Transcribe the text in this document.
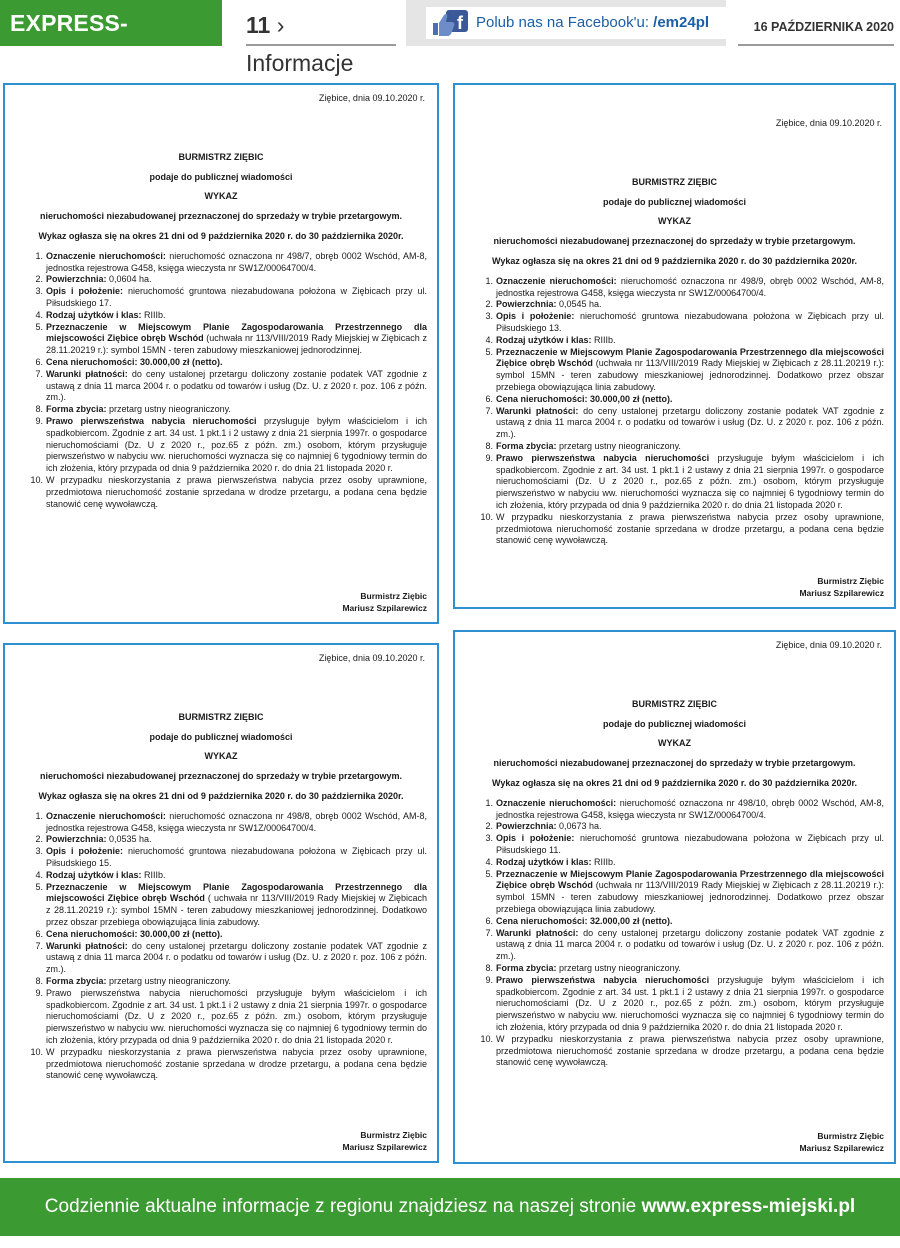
EXPRESS-MIEJSKI.PL
11 › Informacje
f Polub nas na Facebook'u: /em24pl	16 PAŹDZIERNIKA 2020
Ziębice, dnia 09.10.2020 r.
BURMISTRZ ZIĘBIC
podaje do publicznej wiadomości
WYKAZ
nieruchomości niezabudowanej przeznaczonej do sprzedaży w trybie przetargowym.
Wykaz ogłasza się na okres 21 dni od 9 października 2020 r. do 30 października 2020r.
1. Oznaczenie nieruchomości: nieruchomość oznaczona nr 498/7, obręb 0002 Wschód, AM-8, jednostka rejestrowa G458, księga wieczysta nr SW1Z/00064700/4.
2. Powierzchnia: 0,0604 ha.
3. Opis i położenie: nieruchomość gruntowa niezabudowana położona w Ziębicach przy ul. Piłsudskiego 17.
4. Rodzaj użytków i klas: RIIIb.
5. Przeznaczenie w Miejscowym Planie Zagospodarowania Przestrzennego dla miejscowości Ziębice obręb Wschód (uchwała nr 113/VIII/2019 Rady Miejskiej w Ziębicach z 28.11.20219 r.): symbol 15MN - teren zabudowy mieszkaniowej jednorodzinnej.
6. Cena nieruchomości: 30.000,00 zł (netto).
7. Warunki płatności: do ceny ustalonej przetargu doliczony zostanie podatek VAT zgodnie z ustawą z dnia 11 marca 2004 r. o podatku od towarów i usług (Dz. U. z 2020 r. poz. 106 z późn. zm.).
8. Forma zbycia: przetarg ustny nieograniczony.
9. Prawo pierwszeństwa nabycia nieruchomości przysługuje byłym właścicielom i ich spadkobiercom. Zgodnie z art. 34 ust. 1 pkt.1 i 2 ustawy z dnia 21 sierpnia 1997r. o gospodarce nieruchomościami (Dz. U z 2020 r., poz.65 z późn. zm.) osobom, którym przysługuje pierwszeństwo w nabyciu ww. nieruchomości wyznacza się co najmniej 6 tygodniowy termin do ich złożenia, który przypada od dnia 9 października 2020 r. do dnia 21 listopada 2020 r.
10. W przypadku nieskorzystania z prawa pierwszeństwa nabycia przez osoby uprawnione, przedmiotowa nieruchomość zostanie sprzedana w drodze przetargu, a podana cena będzie stanowić cenę wywoławczą.
Burmistrz Ziębic
Mariusz Szpilarewicz
Ziębice, dnia 09.10.2020 r.
BURMISTRZ ZIĘBIC
podaje do publicznej wiadomości
WYKAZ
nieruchomości niezabudowanej przeznaczonej do sprzedaży w trybie przetargowym.
Wykaz ogłasza się na okres 21 dni od 9 października 2020 r. do 30 października 2020r.
1. Oznaczenie nieruchomości: nieruchomość oznaczona nr 498/9, obręb 0002 Wschód, AM-8, jednostka rejestrowa G458, księga wieczysta nr SW1Z/00064700/4.
2. Powierzchnia: 0,0545 ha.
3. Opis i położenie: nieruchomość gruntowa niezabudowana położona w Ziębicach przy ul. Piłsudskiego 13.
4. Rodzaj użytków i klas: RIIIb.
5. Przeznaczenie w Miejscowym Planie Zagospodarowania Przestrzennego dla miejscowości Ziębice obręb Wschód (uchwała nr 113/VIII/2019 Rady Miejskiej w Ziębicach z 28.11.20219 r.): symbol 15MN - teren zabudowy mieszkaniowej jednorodzinnej. Dodatkowo przez obszar przebiega obowiązująca linia zabudowy.
6. Cena nieruchomości: 30.000,00 zł (netto).
7. Warunki płatności: do ceny ustalonej przetargu doliczony zostanie podatek VAT zgodnie z ustawą z dnia 11 marca 2004 r. o podatku od towarów i usług (Dz. U. z 2020 r. poz. 106 z późn. zm.).
8. Forma zbycia: przetarg ustny nieograniczony.
9. Prawo pierwszeństwa nabycia nieruchomości przysługuje byłym właścicielom i ich spadkobiercom. Zgodnie z art. 34 ust. 1 pkt.1 i 2 ustawy z dnia 21 sierpnia 1997r. o gospodarce nieruchomościami (Dz. U z 2020 r., poz.65 z późn. zm.) osobom, którym przysługuje pierwszeństwo w nabyciu ww. nieruchomości wyznacza się co najmniej 6 tygodniowy termin do ich złożenia, który przypada od dnia 9 października 2020 r. do dnia 21 listopada 2020 r.
10. W przypadku nieskorzystania z prawa pierwszeństwa nabycia przez osoby uprawnione, przedmiotowa nieruchomość zostanie sprzedana w drodze przetargu, a podana cena będzie stanowić cenę wywoławczą.
Burmistrz Ziębic
Mariusz Szpilarewicz
Ziębice, dnia 09.10.2020 r.
BURMISTRZ ZIĘBIC
podaje do publicznej wiadomości
WYKAZ
nieruchomości niezabudowanej przeznaczonej do sprzedaży w trybie przetargowym.
Wykaz ogłasza się na okres 21 dni od 9 października 2020 r. do 30 października 2020r.
1. Oznaczenie nieruchomości: nieruchomość oznaczona nr 498/8, obręb 0002 Wschód, AM-8, jednostka rejestrowa G458, księga wieczysta nr SW1Z/00064700/4.
2. Powierzchnia: 0,0535 ha.
3. Opis i położenie: nieruchomość gruntowa niezabudowana położona w Ziębicach przy ul. Piłsudskiego 15.
4. Rodzaj użytków i klas: RIIIb.
5. Przeznaczenie w Miejscowym Planie Zagospodarowania Przestrzennego dla miejscowości Ziębice obręb Wschód ( uchwała nr 113/VIII/2019 Rady Miejskiej w Ziębicach z 28.11.20219 r.): symbol 15MN - teren zabudowy mieszkaniowej jednorodzinnej. Dodatkowo przez obszar przebiega obowiązująca linia zabudowy.
6. Cena nieruchomości: 30.000,00 zł (netto).
7. Warunki płatności: do ceny ustalonej przetargu doliczony zostanie podatek VAT zgodnie z ustawą z dnia 11 marca 2004 r. o podatku od towarów i usług (Dz. U. z 2020 r. poz. 106 z późn. zm.).
8. Forma zbycia: przetarg ustny nieograniczony.
9. Prawo pierwszeństwa nabycia nieruchomości przysługuje byłym właścicielom i ich spadkobiercom. Zgodnie z art. 34 ust. 1 pkt.1 i 2 ustawy z dnia 21 sierpnia 1997r. o gospodarce nieruchomościami (Dz. U z 2020 r., poz.65 z późn. zm.) osobom, którym przysługuje pierwszeństwo w nabyciu ww. nieruchomości wyznacza się co najmniej 6 tygodniowy termin do ich złożenia, który przypada od dnia 9 października 2020 r. do dnia 21 listopada 2020 r.
10. W przypadku nieskorzystania z prawa pierwszeństwa nabycia przez osoby uprawnione, przedmiotowa nieruchomość zostanie sprzedana w drodze przetargu, a podana cena będzie stanowić cenę wywoławczą.
Burmistrz Ziębic
Mariusz Szpilarewicz
Ziębice, dnia 09.10.2020 r.
BURMISTRZ ZIĘBIC
podaje do publicznej wiadomości
WYKAZ
nieruchomości niezabudowanej przeznaczonej do sprzedaży w trybie przetargowym.
Wykaz ogłasza się na okres 21 dni od 9 października 2020 r. do 30 października 2020r.
1. Oznaczenie nieruchomości: nieruchomość oznaczona nr 498/10, obręb 0002 Wschód, AM-8, jednostka rejestrowa G458, księga wieczysta nr SW1Z/00064700/4.
2. Powierzchnia: 0,0673 ha.
3. Opis i położenie: nieruchomość gruntowa niezabudowana położona w Ziębicach przy ul. Piłsudskiego 11.
4. Rodzaj użytków i klas: RIIIb.
5. Przeznaczenie w Miejscowym Planie Zagospodarowania Przestrzennego dla miejscowości Ziębice obręb Wschód (uchwała nr 113/VIII/2019 Rady Miejskiej w Ziębicach z 28.11.20219 r.): symbol 15MN - teren zabudowy mieszkaniowej jednorodzinnej. Dodatkowo przez obszar przebiega obowiązująca linia zabudowy.
6. Cena nieruchomości: 32.000,00 zł (netto).
7. Warunki płatności: do ceny ustalonej przetargu doliczony zostanie podatek VAT zgodnie z ustawą z dnia 11 marca 2004 r. o podatku od towarów i usług (Dz. U. z 2020 r. poz. 106 z późn. zm.).
8. Forma zbycia: przetarg ustny nieograniczony.
9. Prawo pierwszeństwa nabycia nieruchomości przysługuje byłym właścicielom i ich spadkobiercom. Zgodnie z art. 34 ust. 1 pkt.1 i 2 ustawy z dnia 21 sierpnia 1997r. o gospodarce nieruchomościami (Dz. U z 2020 r., poz.65 z późn. zm.) osobom, którym przysługuje pierwszeństwo w nabyciu ww. nieruchomości wyznacza się co najmniej 6 tygodniowy termin do ich złożenia, który przypada od dnia 9 października 2020 r. do dnia 21 listopada 2020 r.
10. W przypadku nieskorzystania z prawa pierwszeństwa nabycia przez osoby uprawnione, przedmiotowa nieruchomość zostanie sprzedana w drodze przetargu, a podana cena będzie stanowić cenę wywoławczą.
Burmistrz Ziębic
Mariusz Szpilarewicz
Codziennie aktualne informacje z regionu znajdziesz na naszej stronie www.express-miejski.pl
